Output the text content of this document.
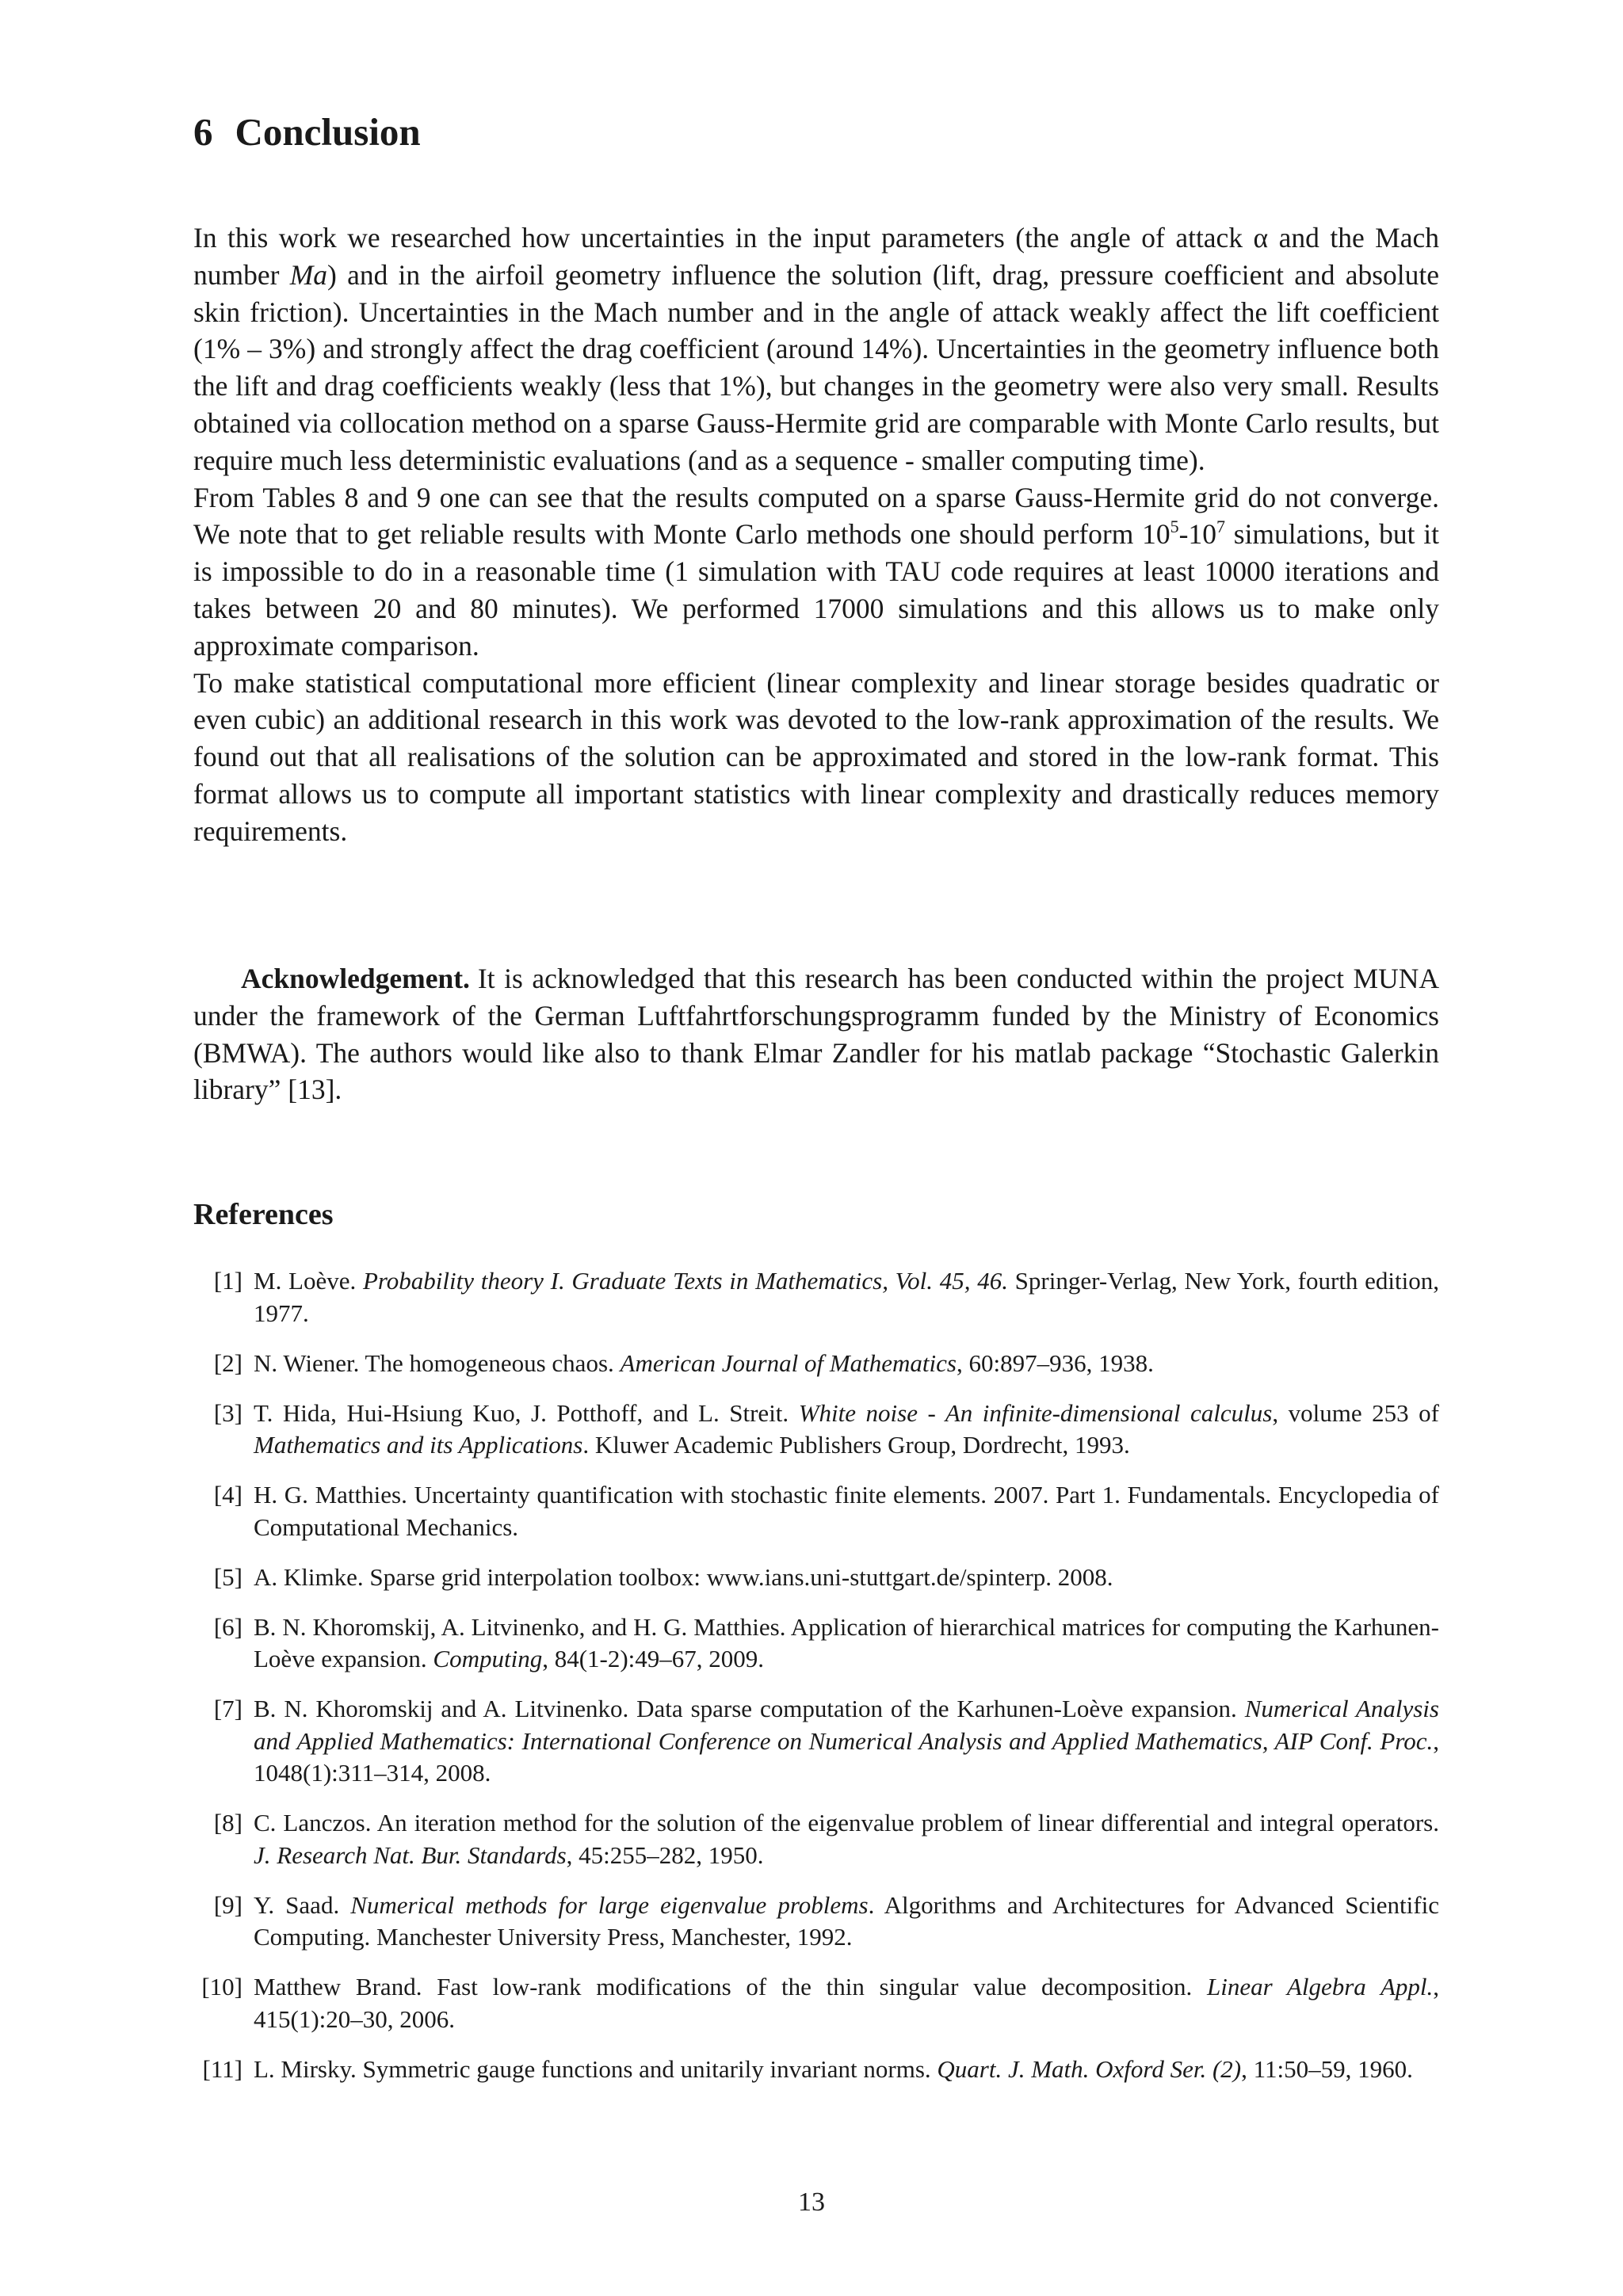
6 Conclusion

In this work we researched how uncertainties in the input parameters (the angle of attack α and the Mach number Ma) and in the airfoil geometry influence the solution (lift, drag, pressure coefficient and absolute skin friction). Uncertainties in the Mach number and in the angle of attack weakly affect the lift coefficient (1% – 3%) and strongly affect the drag coefficient (around 14%). Uncertainties in the geometry influence both the lift and drag coefficients weakly (less that 1%), but changes in the geometry were also very small. Results obtained via collocation method on a sparse Gauss-Hermite grid are comparable with Monte Carlo results, but require much less deterministic evaluations (and as a sequence - smaller computing time).

From Tables 8 and 9 one can see that the results computed on a sparse Gauss-Hermite grid do not converge. We note that to get reliable results with Monte Carlo methods one should perform $10^5-10^7$ simulations, but it is impossible to do in a reasonable time (1 simulation with TAU code requires at least 10000 iterations and takes between 20 and 80 minutes). We performed 17000 simulations and this allows us to make only approximate comparison.

To make statistical computational more efficient (linear complexity and linear storage besides quadratic or even cubic) an additional research in this work was devoted to the low-rank approximation of the results. We found out that all realisations of the solution can be approximated and stored in the low-rank format. This format allows us to compute all important statistics with linear complexity and drastically reduces memory requirements.

Acknowledgement. It is acknowledged that this research has been conducted within the project MUNA under the framework of the German Luftfahrtforschungsprogramm funded by the Ministry of Economics (BMWA). The authors would like also to thank Elmar Zandler for his matlab package “Stochastic Galerkin library” [13].

References
[1] M. Loève. Probability theory I. Graduate Texts in Mathematics, Vol. 45, 46. Springer-Verlag, New York, fourth edition, 1977.
[2] N. Wiener. The homogeneous chaos. American Journal of Mathematics, 60:897–936, 1938.
[3] T. Hida, Hui-Hsiung Kuo, J. Potthoff, and L. Streit. White noise - An infinite-dimensional calculus, volume 253 of Mathematics and its Applications. Kluwer Academic Publishers Group, Dordrecht, 1993.
[4] H. G. Matthies. Uncertainty quantification with stochastic finite elements. 2007. Part 1. Fundamentals. Encyclopedia of Computational Mechanics.
[5] A. Klimke. Sparse grid interpolation toolbox: www.ians.uni-stuttgart.de/spinterp. 2008.
[6] B. N. Khoromskij, A. Litvinenko, and H. G. Matthies. Application of hierarchical matrices for computing the Karhunen-Loève expansion. Computing, 84(1-2):49–67, 2009.
[7] B. N. Khoromskij and A. Litvinenko. Data sparse computation of the Karhunen-Loève expansion. Numerical Analysis and Applied Mathematics: International Conference on Numerical Analysis and Applied Mathematics, AIP Conf. Proc., 1048(1):311–314, 2008.
[8] C. Lanczos. An iteration method for the solution of the eigenvalue problem of linear differential and integral operators. J. Research Nat. Bur. Standards, 45:255–282, 1950.
[9] Y. Saad. Numerical methods for large eigenvalue problems. Algorithms and Architectures for Advanced Scientific Computing. Manchester University Press, Manchester, 1992.
[10] Matthew Brand. Fast low-rank modifications of the thin singular value decomposition. Linear Algebra Appl., 415(1):20–30, 2006.
[11] L. Mirsky. Symmetric gauge functions and unitarily invariant norms. Quart. J. Math. Oxford Ser. (2), 11:50–59, 1960.
13
